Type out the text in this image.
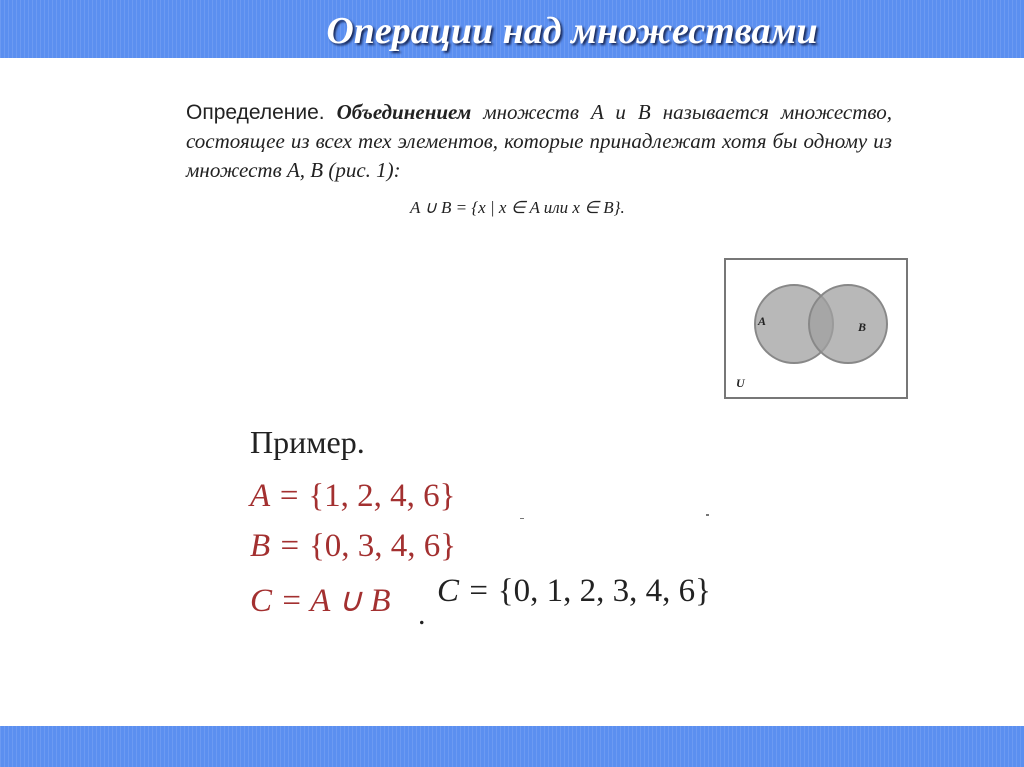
Операции над множествами
Определение. Объединением множеств A и B называется множество, состоящее из всех тех элементов, которые принадлежат хотя бы одному из множеств A, B (рис. 1):
A ∪ B = {x | x ∈ A или x ∈ B}.
A	B
U
Пример.
A = {1, 2, 4, 6}
B = {0, 3, 4, 6}
C = A ∪ B .
C = {0, 1, 2, 3, 4, 6}
